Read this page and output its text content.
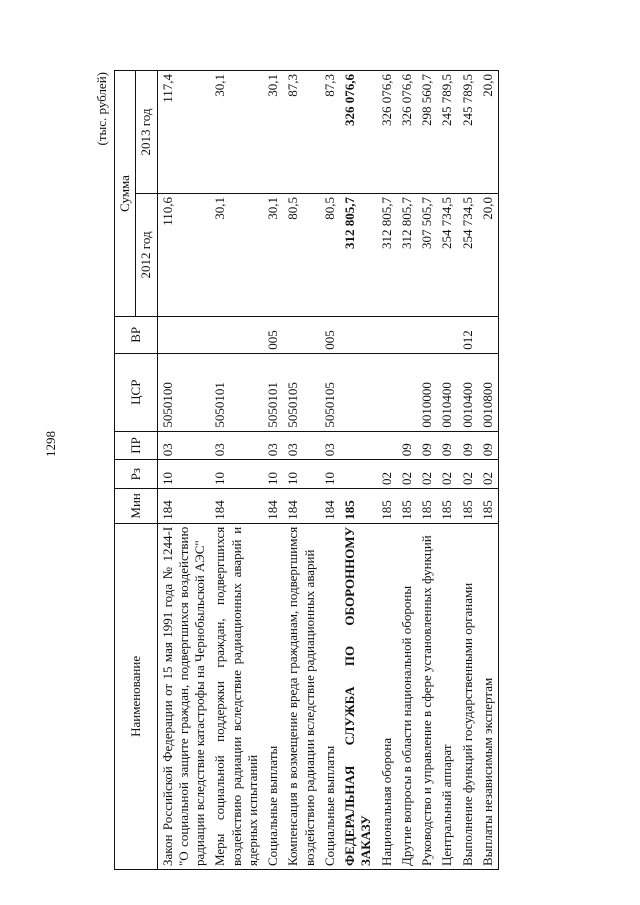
1298
(тыс. рублей)
Наименование	Мин	Рз	ПР	ЦСР	ВР	Сумма	
						2012 год	2013 год
Закон Российской Федерации от 15 мая 1991 года № 1244-I "О социальной защите граждан, подвергшихся воздействию радиации вследствие катастрофы на Чернобыльской АЭС"	184	10	03	5050100		110,6	117,4
Меры социальной поддержки граждан, подвергшихся воздействию радиации вследствие радиационных аварий и ядерных испытаний	184	10	03	5050101		30,1	30,1
Социальные выплаты	184	10	03	5050101	005	30,1	30,1
Компенсация в возмещение вреда гражданам, подвергшимся воздействию радиации вследствие радиационных аварий	184	10	03	5050105		80,5	87,3
Социальные выплаты	184	10	03	5050105	005	80,5	87,3
ФЕДЕРАЛЬНАЯ СЛУЖБА ПО ОБОРОННОМУ ЗАКАЗУ	185					312 805,7	326 076,6
Национальная оборона	185	02				312 805,7	326 076,6
Другие вопросы в области национальной обороны	185	02	09			312 805,7	326 076,6
Руководство и управление в сфере установленных функций	185	02	09	0010000		307 505,7	298 560,7
Центральный аппарат	185	02	09	0010400		254 734,5	245 789,5
Выполнение функций государственными органами	185	02	09	0010400	012	254 734,5	245 789,5
Выплаты независимым экспертам	185	02	09	0010800		20,0	20,0
